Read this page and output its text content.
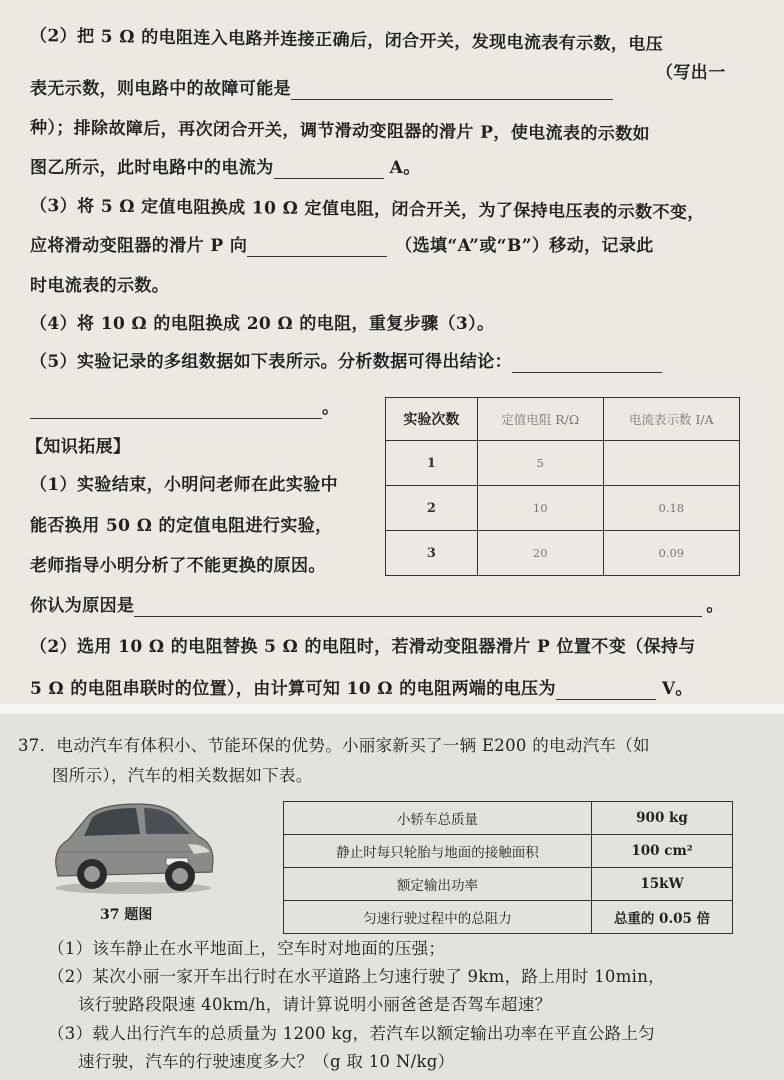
（2）把 5 Ω 的电阻连入电路并连接正确后，闭合开关，发现电流表有示数，电压
表无示数，则电路中的故障可能是
（写出一
种）；排除故障后，再次闭合开关，调节滑动变阻器的滑片 P，使电流表的示数如
图乙所示，此时电路中的电流为	A。
（3）将 5 Ω 定值电阻换成 10 Ω 定值电阻，闭合开关，为了保持电压表的示数不变，
应将滑动变阻器的滑片 P 向	（选填“A”或“B”）移动，记录此
时电流表的示数。
（4）将 10 Ω 的电阻换成 20 Ω 的电阻，重复步骤（3）。
（5）实验记录的多组数据如下表所示。分析数据可得出结论：
。
【知识拓展】
（1）实验结束，小明问老师在此实验中
能否换用 50 Ω 的定值电阻进行实验，
老师指导小明分析了不能更换的原因。
你认为原因是	。
（2）选用 10 Ω 的电阻替换 5 Ω 的电阻时，若滑动变阻器滑片 P 位置不变（保持与
5 Ω 的电阻串联时的位置），由计算可知 10 Ω 的电阻两端的电压为	V。
实验次数	定值电阻 R/Ω	电流表示数 I/A
1	5	
2	10	0.18
3	20	0.09
37．电动汽车有体积小、节能环保的优势。小丽家新买了一辆 E200 的电动汽车（如
图所示），汽车的相关数据如下表。
37 题图
小轿车总质量	900 kg
静止时每只轮胎与地面的接触面积	100 cm²
额定输出功率	15kW
匀速行驶过程中的总阻力	总重的 0.05 倍
（1）该车静止在水平地面上，空车时对地面的压强；
（2）某次小丽一家开车出行时在水平道路上匀速行驶了 9km，路上用时 10min，
该行驶路段限速 40km/h，请计算说明小丽爸爸是否驾车超速？
（3）载人出行汽车的总质量为 1200 kg，若汽车以额定输出功率在平直公路上匀
速行驶，汽车的行驶速度多大？（g 取 10 N/kg）
